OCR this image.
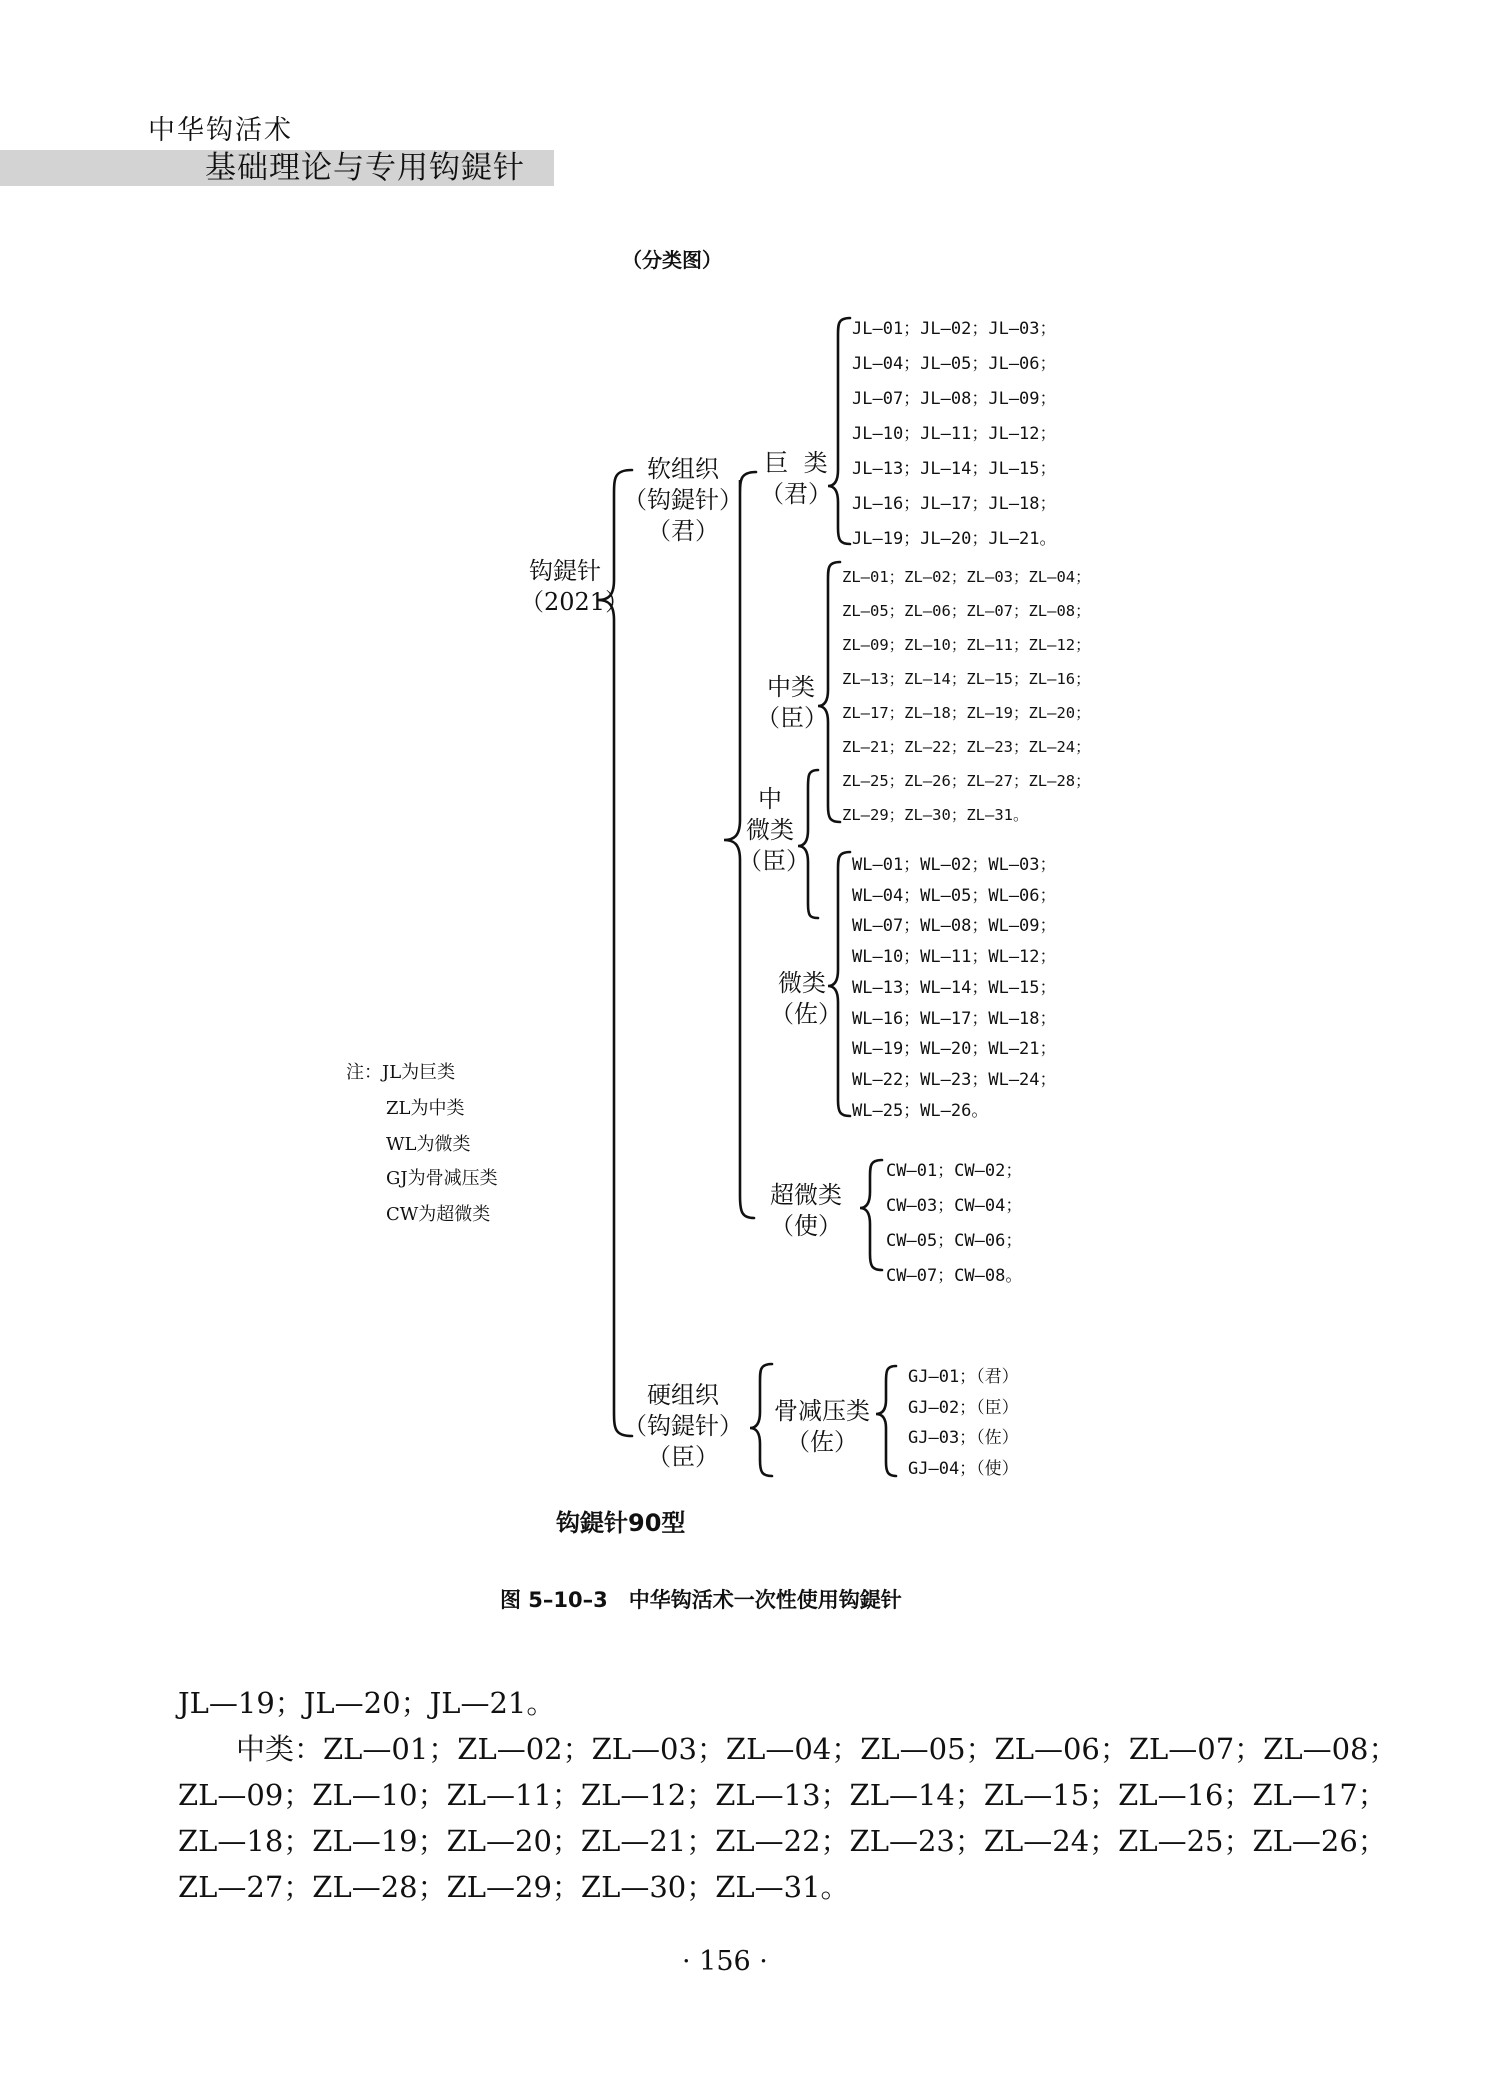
中华钩活术
基础理论与专用钩鍉针
（分类图）
钩鍉针
（2021）
软组织
（钩鍉针）
（君）
硬组织
（钩鍉针）
（臣）
巨  类
（君）
中类
（臣）
中
微类
（臣）
微类
（佐）
超微类
（使）
骨减压类
（佐）
JL—01；JL—02；JL—03；
JL—04；JL—05；JL—06；
JL—07；JL—08；JL—09；
JL—10；JL—11；JL—12；
JL—13；JL—14；JL—15；
JL—16；JL—17；JL—18；
JL—19；JL—20；JL—21。
ZL—01；ZL—02；ZL—03；ZL—04；
ZL—05；ZL—06；ZL—07；ZL—08；
ZL—09；ZL—10；ZL—11；ZL—12；
ZL—13；ZL—14；ZL—15；ZL—16；
ZL—17；ZL—18；ZL—19；ZL—20；
ZL—21；ZL—22；ZL—23；ZL—24；
ZL—25；ZL—26；ZL—27；ZL—28；
ZL—29；ZL—30；ZL—31。
WL—01；WL—02；WL—03；
WL—04；WL—05；WL—06；
WL—07；WL—08；WL—09；
WL—10；WL—11；WL—12；
WL—13；WL—14；WL—15；
WL—16；WL—17；WL—18；
WL—19；WL—20；WL—21；
WL—22；WL—23；WL—24；
WL—25；WL—26。
CW—01；CW—02；
CW—03；CW—04；
CW—05；CW—06；
CW—07；CW—08。
GJ—01；（君）
GJ—02；（臣）
GJ—03；（佐）
GJ—04；（使）
注：JL为巨类
ZL为中类
WL为微类
GJ为骨减压类
CW为超微类
钩鍉针90型
图 5–10–3　中华钩活术一次性使用钩鍉针
JL—19；JL—20；JL—21。
　　中类：ZL—01；ZL—02；ZL—03；ZL—04；ZL—05；ZL—06；ZL—07；ZL—08；
ZL—09；ZL—10；ZL—11；ZL—12；ZL—13；ZL—14；ZL—15；ZL—16；ZL—17；
ZL—18；ZL—19；ZL—20；ZL—21；ZL—22；ZL—23；ZL—24；ZL—25；ZL—26；
ZL—27；ZL—28；ZL—29；ZL—30；ZL—31。
· 156 ·
